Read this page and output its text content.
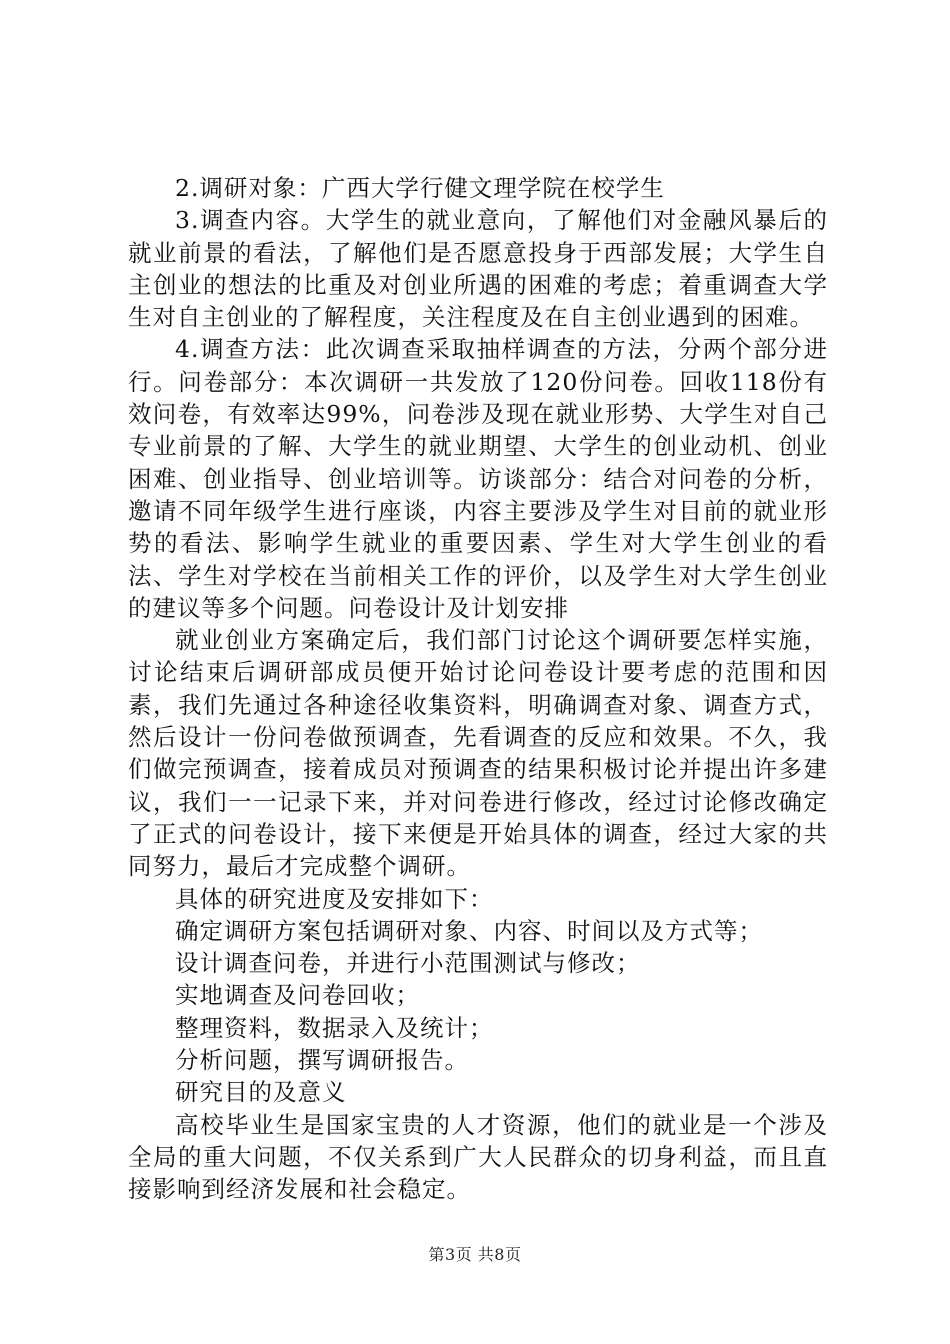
2.调研对象：广西大学行健文理学院在校学生

3.调查内容。大学生的就业意向，了解他们对金融风暴后的就业前景的看法，了解他们是否愿意投身于西部发展；大学生自主创业的想法的比重及对创业所遇的困难的考虑；着重调查大学生对自主创业的了解程度，关注程度及在自主创业遇到的困难。

4.调查方法：此次调查采取抽样调查的方法，分两个部分进行。问卷部分：本次调研一共发放了120份问卷。回收118份有效问卷，有效率达99%，问卷涉及现在就业形势、大学生对自己专业前景的了解、大学生的就业期望、大学生的创业动机、创业困难、创业指导、创业培训等。访谈部分：结合对问卷的分析，邀请不同年级学生进行座谈，内容主要涉及学生对目前的就业形势的看法、影响学生就业的重要因素、学生对大学生创业的看法、学生对学校在当前相关工作的评价，以及学生对大学生创业的建议等多个问题。问卷设计及计划安排

就业创业方案确定后，我们部门讨论这个调研要怎样实施，讨论结束后调研部成员便开始讨论问卷设计要考虑的范围和因素，我们先通过各种途径收集资料，明确调查对象、调查方式，然后设计一份问卷做预调查，先看调查的反应和效果。不久，我们做完预调查，接着成员对预调查的结果积极讨论并提出许多建议，我们一一记录下来，并对问卷进行修改，经过讨论修改确定了正式的问卷设计，接下来便是开始具体的调查，经过大家的共同努力，最后才完成整个调研。

具体的研究进度及安排如下：

确定调研方案包括调研对象、内容、时间以及方式等；

设计调查问卷，并进行小范围测试与修改；

实地调查及问卷回收；

整理资料，数据录入及统计；

分析问题，撰写调研报告。

研究目的及意义

高校毕业生是国家宝贵的人才资源，他们的就业是一个涉及全局的重大问题，不仅关系到广大人民群众的切身利益，而且直接影响到经济发展和社会稳定。

第3页 共8页
